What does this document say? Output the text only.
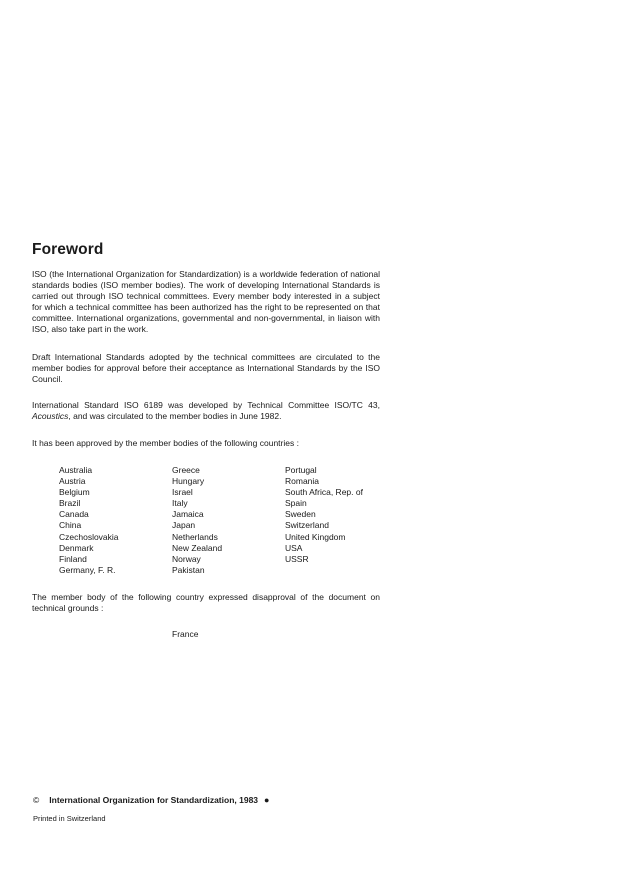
Foreword

ISO (the International Organization for Standardization) is a worldwide federation of national standards bodies (ISO member bodies). The work of developing International Standards is carried out through ISO technical committees. Every member body interested in a subject for which a technical committee has been authorized has the right to be represented on that committee. International organizations, governmental and non-governmental, in liaison with ISO, also take part in the work.

Draft International Standards adopted by the technical committees are circulated to the member bodies for approval before their acceptance as International Standards by the ISO Council.

International Standard ISO 6189 was developed by Technical Committee ISO/TC 43, Acoustics, and was circulated to the member bodies in June 1982.

It has been approved by the member bodies of the following countries :

Australia
Austria
Belgium
Brazil
Canada
China
Czechoslovakia
Denmark
Finland
Germany, F. R.
Greece
Hungary
Israel
Italy
Jamaica
Japan
Netherlands
New Zealand
Norway
Pakistan
Portugal
Romania
South Africa, Rep. of
Spain
Sweden
Switzerland
United Kingdom
USA
USSR

The member body of the following country expressed disapproval of the document on technical grounds :

France
© International Organization for Standardization, 1983 ●
Printed in Switzerland
